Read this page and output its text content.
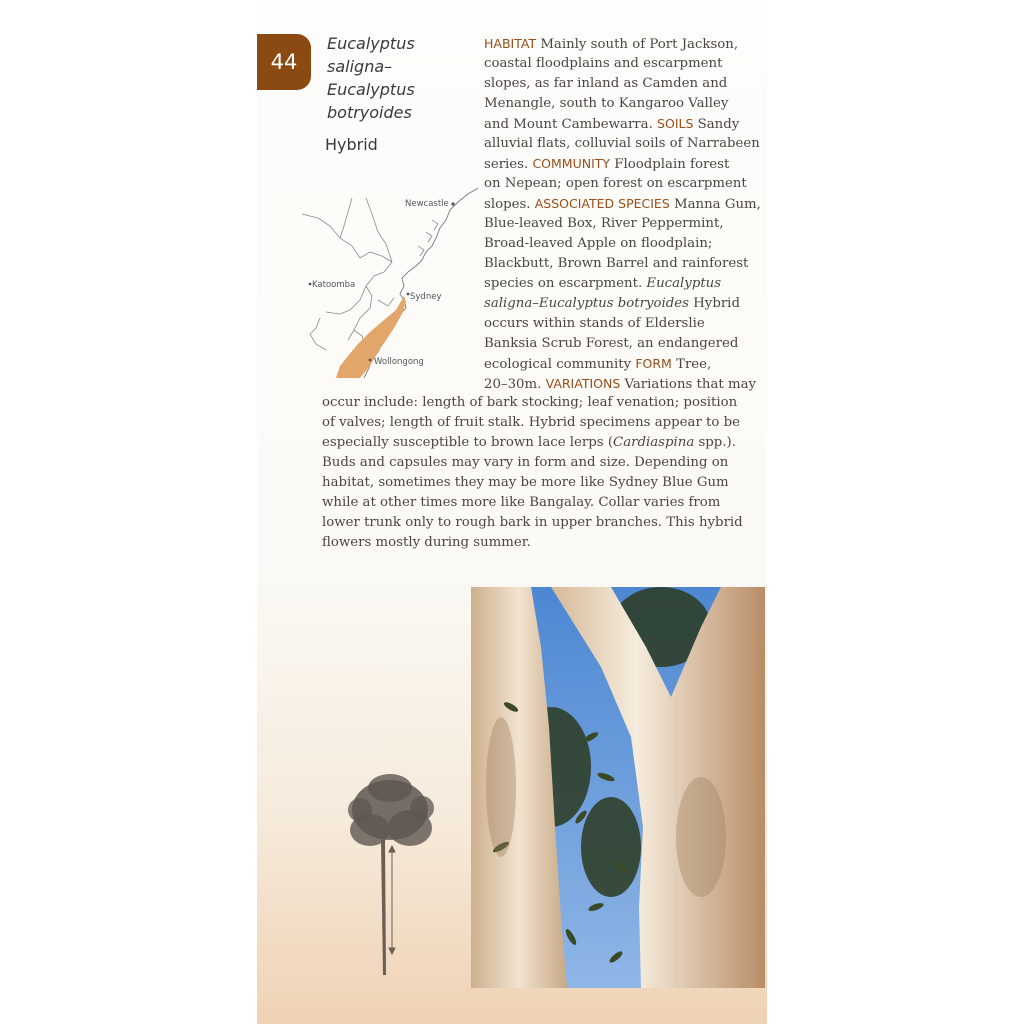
44
Eucalyptus
saligna–
Eucalyptus
botryoides
Hybrid
Newcastle
Katoomba
Sydney
Wollongong
HABITAT Mainly south of Port Jackson,
coastal floodplains and escarpment
slopes, as far inland as Camden and
Menangle, south to Kangaroo Valley
and Mount Cambewarra. SOILS Sandy
alluvial flats, colluvial soils of Narrabeen
series. COMMUNITY Floodplain forest
on Nepean; open forest on escarpment
slopes. ASSOCIATED SPECIES Manna Gum,
Blue-leaved Box, River Peppermint,
Broad-leaved Apple on floodplain;
Blackbutt, Brown Barrel and rainforest
species on escarpment. Eucalyptus
saligna–Eucalyptus botryoides Hybrid
occurs within stands of Elderslie
Banksia Scrub Forest, an endangered
ecological community FORM Tree,
20–30m. VARIATIONS Variations that may
occur include: length of bark stocking; leaf venation; position
of valves; length of fruit stalk. Hybrid specimens appear to be
especially susceptible to brown lace lerps (Cardiaspina spp.).
Buds and capsules may vary in form and size. Depending on
habitat, sometimes they may be more like Sydney Blue Gum
while at other times more like Bangalay. Collar varies from
lower trunk only to rough bark in upper branches. This hybrid
flowers mostly during summer.
